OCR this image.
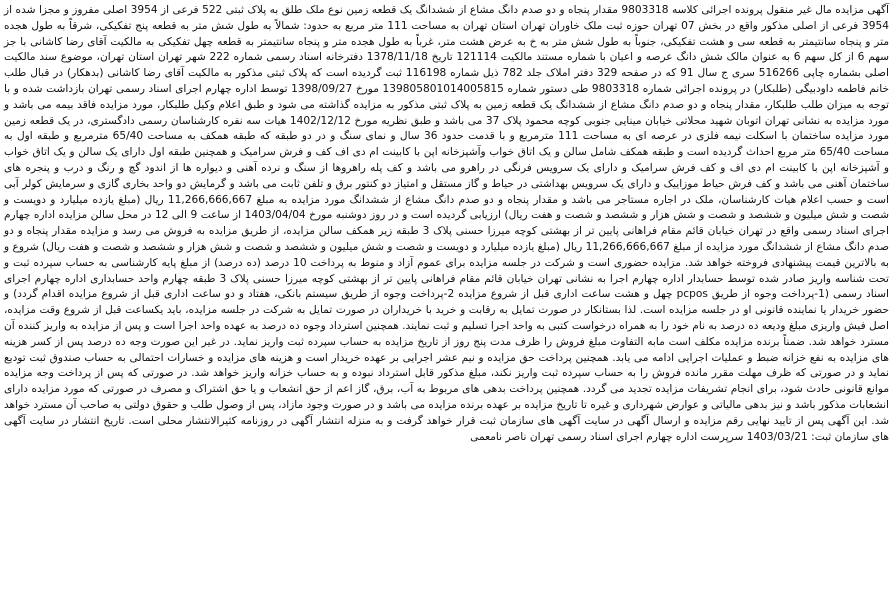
آگهی مزایده مال غیر منقول پرونده اجرائی کلاسه 9803318 مقدار پنجاه و دو صدم دانگ مشاع از ششدانگ یک قطعه زمین نوع ملک طلق به پلاک ثبتی 522 فرعی از 3954 اصلی مفروز و مجزا شده از 3954 فرعی از اصلی مذکور واقع در بخش 07 تهران حوزه ثبت ملک خاوران تهران استان تهران به مساحت 111 متر مربع به حدود: شمالاً به طول شش متر به قطعه پنج تفکیکی، شرقاً به طول هجده متر و پنجاه سانتیمتر به قطعه سی و هشت تفکیکی، جنوباً به طول شش متر به خ به عرض هشت متر، غرباً به طول هجده متر و پنجاه سانتیمتر به قطعه چهل تفکیکی به مالکیت آقای رضا کاشانی با جز سهم 6 از کل سهم 6 به عنوان مالک شش دانگ عرصه و اعیان با شماره مستند مالکیت 121114 تاریخ 1378/11/18 دفترخانه اسناد رسمی شماره 222 شهر تهران استان تهران، موضوع سند مالکیت اصلی بشماره چاپی 516266 سری ج سال 91 که در صفحه 329 دفتر املاک جلد 782 ذیل شماره 116198 ثبت گردیده است که پلاک ثبتی مذکور به مالکیت آقای رضا کاشانی (بدهکار) در قبال طلب خانم فاطمه داودبیگی (طلبکار) در پرونده اجرائی شماره 9803318 طی دستور شماره 139805801014005815 مورخ 1398/09/27 توسط اداره چهارم اجرای اسناد رسمی تهران بازداشت شده و با توجه به میزان طلب طلبکار، مقدار پنجاه و دو صدم دانگ مشاع از ششدانگ یک قطعه زمین به پلاک ثبتی مذکور به مزایده گذاشته می شود و طبق اعلام وکیل طلبکار، مورد مزایده فاقد بیمه می باشد و مورد مزایده به نشانی تهران اتوبان شهید محلاتی خیابان مینایی جنوبی کوچه محمود پلاک 37 می باشد و طبق نظریه مورخ 1402/12/12 هیات سه نفره کارشناسان رسمی دادگستری، در یک قطعه زمین مورد مزایده ساختمان با اسکلت نیمه فلزی در عرصه ای به مساحت 111 مترمربع و با قدمت حدود 36 سال و نمای سنگ و در دو طبقه که طبقه همکف به مساحت 65/40 مترمربع و طبقه اول به مساحت 65/40 متر مربع احداث گردیده است و طبقه همکف شامل سالن و یک اتاق خواب وآشپزخانه اپن با کابینت ام دی اف کف و فرش سرامیک و همچنین طبقه اول دارای یک سالن و یک اتاق خواب و آشپزخانه اپن با کابینت ام دی اف و کف فرش سرامیک و دارای یک سرویس فرنگی در راهرو می باشد و کف پله راهروها از سنگ و نرده آهنی و دیواره ها از اندود گچ و رنگ و درب و پنجره های ساختمان آهنی می باشد و کف فرش حیاط موزاییک و دارای یک سرویس بهداشتی در حیاط و گاز مستقل و امتیاز دو کنتور برق و تلفن ثابت می باشد و گرمایش دو واحد بخاری گازی و سرمایش کولر آبی است و حسب اعلام هیات کارشناسان، ملک در اجاره مستاجر می باشد و مقدار پنجاه و دو صدم دانگ مشاع از ششدانگ مورد مزایده به مبلغ 11,266,666,667 ریال (مبلغ یازده میلیارد و دویست و شصت و شش میلیون و ششصد و شصت و شش هزار و ششصد و شصت و هفت ریال) ارزیابی گردیده است و در روز دوشنبه مورخ 1403/04/04 از ساعت 9 الی 12 در محل سالن مزایده اداره چهارم اجرای اسناد رسمی واقع در تهران خیابان قائم مقام فراهانی پایین تر از بهشتی کوچه میرزا حسنی پلاک 3 طبقه زیر همکف سالن مزایده، از طریق مزایده به فروش می رسد و مزایده مقدار پنجاه و دو صدم دانگ مشاع از ششدانگ مورد مزایده از مبلغ 11,266,666,667 ریال (مبلغ یازده میلیارد و دویست و شصت و شش میلیون و ششصد و شصت و شش هزار و ششصد و شصت و هفت ریال) شروع و به بالاترین قیمت پیشنهادی فروخته خواهد شد. مزایده حضوری است و شرکت در جلسه مزایده برای عموم آزاد و منوط به پرداخت 10 درصد (ده درصد) از مبلغ پایه کارشناسی به حساب سپرده ثبت و تحت شناسه واریز صادر شده توسط حسابدار اداره چهارم اجرا به نشانی تهران خیابان قائم مقام فراهانی پایین تر از بهشتی کوچه میرزا حسنی پلاک 3 طبقه چهارم واحد حسابداری اداره چهارم اجرای اسناد رسمی (1-پرداخت وجوه از طریق pcpos چهل و هشت ساعت اداری قبل از شروع مزایده 2-پرداخت وجوه از طریق سیستم بانکی، هفتاد و دو ساعت اداری قبل از شروع مزایده اقدام گردد) و حضور خریدار یا نماینده قانونی او در جلسه مزایده است. لذا بستانکار در صورت تمایل به رقابت و خرید با خریداران در صورت تمایل به شرکت در جلسه مزایده، باید یکساعت قبل از شروع وقت مزایده، اصل فیش واریزی مبلغ ودیعه ده درصد به نام خود را به همراه درخواست کتبی به واحد اجرا تسلیم و ثبت نمایند. همچنین استرداد وجوه ده درصد به عهده واحد اجرا است و پس از مزایده به واریز کننده آن مسترد خواهد شد. ضمناً برنده مزایده مکلف است مابه التفاوت مبلغ فروش را ظرف مدت پنج روز از تاریخ مزایده به حساب سپرده ثبت واریز نماید. در غیر این صورت وجه ده درصد پس از کسر هزینه های مزایده به نفع خزانه ضبط و عملیات اجرایی ادامه می یابد. همچنین پرداخت حق مزایده و نیم عشر اجرایی بر عهده خریدار است و هزینه های مزایده و خسارات احتمالی به حساب صندوق ثبت تودیع نماید و در صورتی که ظرف مهلت مقرر مانده فروش را به حساب سپرده ثبت واریز نکند، مبلغ مذکور قابل استرداد نبوده و به حساب خزانه واریز خواهد شد. در صورتی که پس از پرداخت وجه مزایده موانع قانونی حادث شود، برای انجام تشریفات مزایده تجدید می گردد. همچنین پرداخت بدهی های مربوط به آب، برق، گاز اعم از حق انشعاب و یا حق اشتراک و مصرف در صورتی که مورد مزایده دارای انشعابات مذکور باشد و نیز بدهی مالیاتی و عوارض شهرداری و غیره تا تاریخ مزایده بر عهده برنده مزایده می باشد و در صورت وجود مازاد، پس از وصول طلب و حقوق دولتی به صاحب آن مسترد خواهد شد. این آگهی پس از تایید نهایی رقم مزایده و ارسال آگهی در سایت آگهی های سازمان ثبت قرار خواهد گرفت و به منزله انتشار آگهی در روزنامه کثیرالانتشار محلی است. تاریخ انتشار در سایت آگهی های سازمان ثبت: 1403/03/21 سرپرست اداره چهارم اجرای اسناد رسمی تهران ناصر نامعمی
